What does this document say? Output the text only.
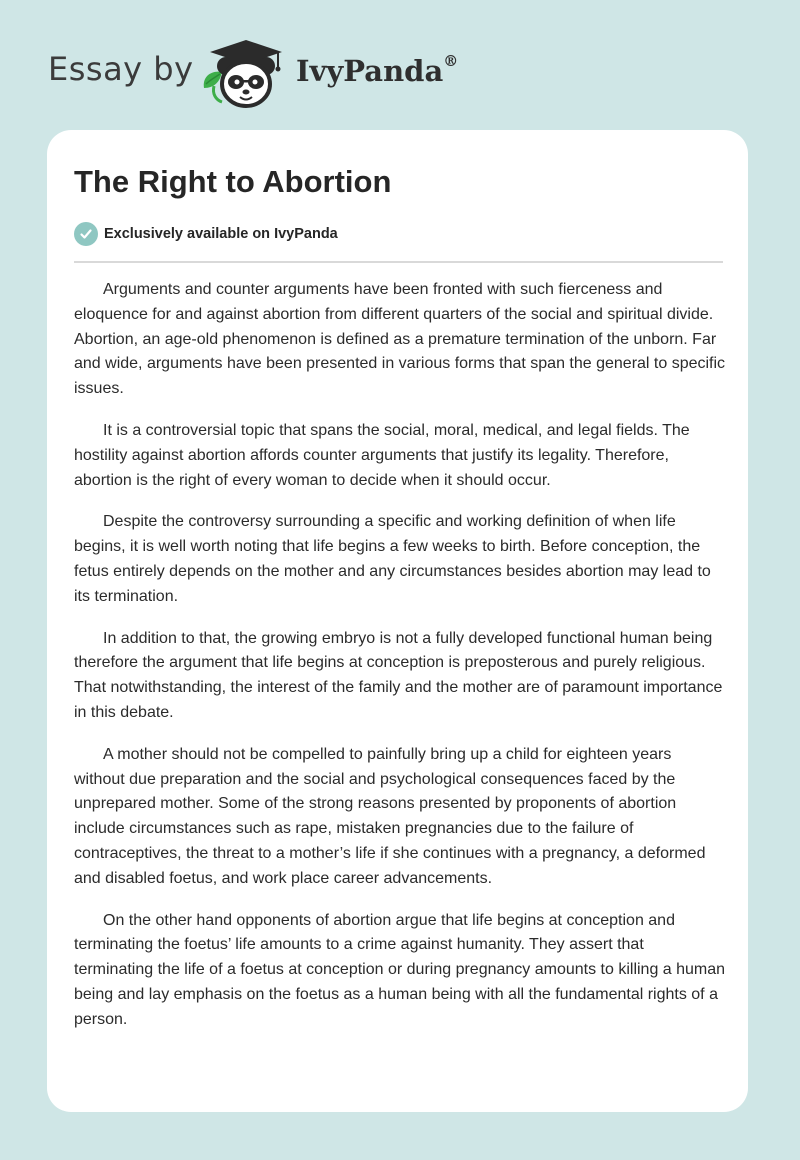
Essay by	IvyPanda®
The Right to Abortion
Exclusively available on IvyPanda

Arguments and counter arguments have been fronted with such fierceness and eloquence for and against abortion from different quarters of the social and spiritual divide. Abortion, an age-old phenomenon is defined as a premature termination of the unborn. Far and wide, arguments have been presented in various forms that span the general to specific issues.

It is a controversial topic that spans the social, moral, medical, and legal fields. The hostility against abortion affords counter arguments that justify its legality. Therefore, abortion is the right of every woman to decide when it should occur.

Despite the controversy surrounding a specific and working definition of when life begins, it is well worth noting that life begins a few weeks to birth. Before conception, the fetus entirely depends on the mother and any circumstances besides abortion may lead to its termination.

In addition to that, the growing embryo is not a fully developed functional human being therefore the argument that life begins at conception is preposterous and purely religious. That notwithstanding, the interest of the family and the mother are of paramount importance in this debate.

A mother should not be compelled to painfully bring up a child for eighteen years without due preparation and the social and psychological consequences faced by the unprepared mother. Some of the strong reasons presented by proponents of abortion include circumstances such as rape, mistaken pregnancies due to the failure of contraceptives, the threat to a mother’s life if she continues with a pregnancy, a deformed and disabled foetus, and work place career advancements.

On the other hand opponents of abortion argue that life begins at conception and terminating the foetus’ life amounts to a crime against humanity. They assert that terminating the life of a foetus at conception or during pregnancy amounts to killing a human being and lay emphasis on the foetus as a human being with all the fundamental rights of a person.
